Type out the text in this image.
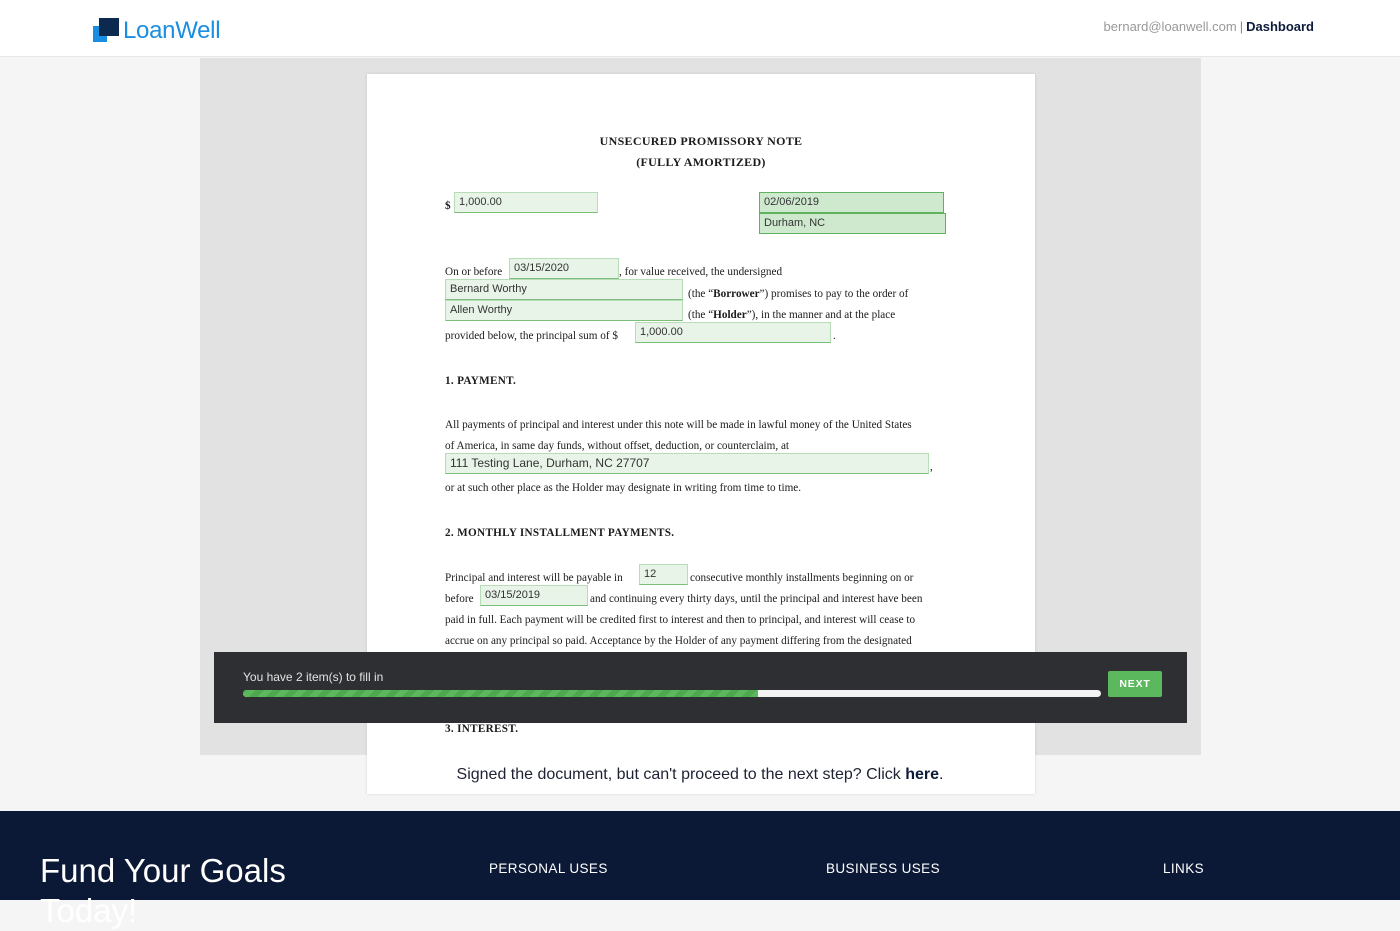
LoanWell	bernard@loanwell.com | Dashboard
UNSECURED PROMISSORY NOTE
(FULLY AMORTIZED)
$ 1,000.00	02/06/2019
Durham, NC
On or before	03/15/2020	, for value received, the undersigned
Bernard Worthy	(the “Borrower”) promises to pay to the order of
Allen Worthy	(the “Holder”), in the manner and at the place
provided below, the principal sum of $	1,000.00	.
1. PAYMENT.
All payments of principal and interest under this note will be made in lawful money of the United States
of America, in same day funds, without offset, deduction, or counterclaim, at
111 Testing Lane, Durham, NC 27707	,
or at such other place as the Holder may designate in writing from time to time.
2. MONTHLY INSTALLMENT PAYMENTS.
Principal and interest will be payable in	12	consecutive monthly installments beginning on or
before	03/15/2019	and continuing every thirty days, until the principal and interest have been
paid in full. Each payment will be credited first to interest and then to principal, and interest will cease to
accrue on any principal so paid. Acceptance by the Holder of any payment differing from the designated
3. INTEREST.
You have 2 item(s) to fill in	NEXT
Signed the document, but can't proceed to the next step? Click here.
Fund Your Goals Today!
PERSONAL USES	BUSINESS USES	LINKS
